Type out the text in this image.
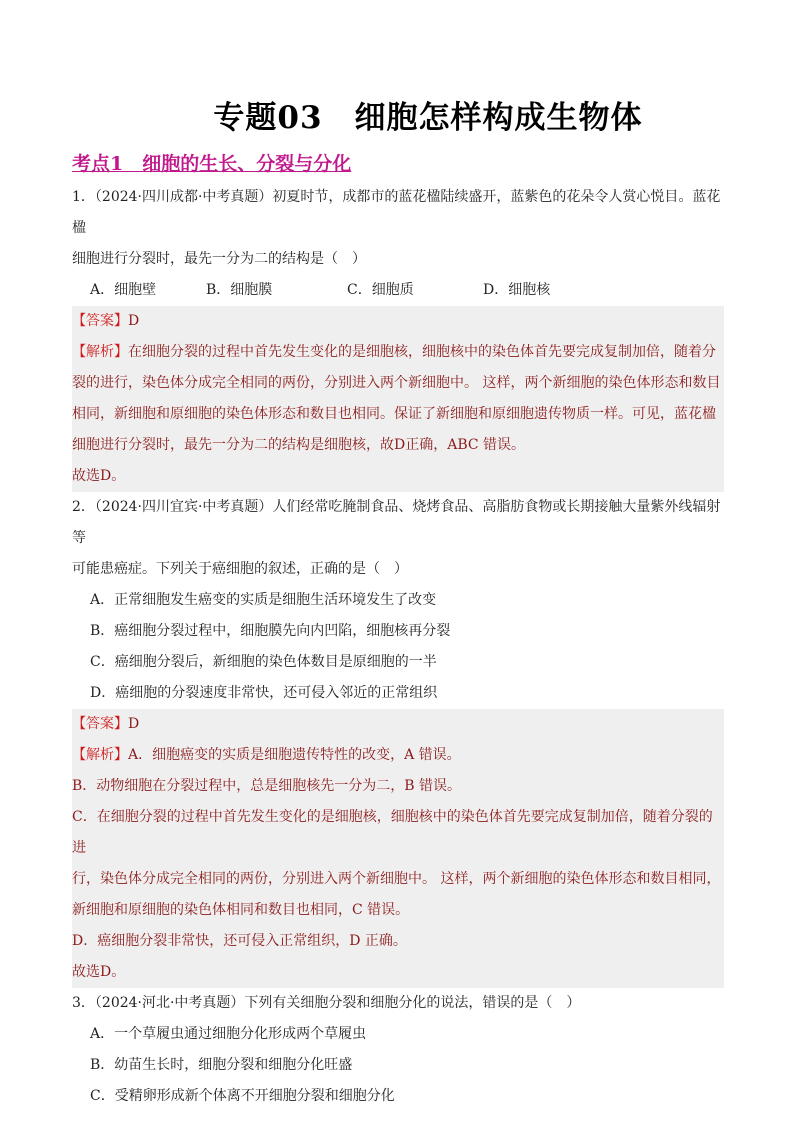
专题03　细胞怎样构成生物体
考点1　细胞的生长、分裂与分化

1．（2024·四川成都·中考真题）初夏时节，成都市的蓝花楹陆续盛开，蓝紫色的花朵令人赏心悦目。蓝花楹

细胞进行分裂时，最先一分为二的结构是（　）

A．细胞壁	B．细胞膜	C．细胞质	D．细胞核

【答案】D

【解析】在细胞分裂的过程中首先发生变化的是细胞核，细胞核中的染色体首先要完成复制加倍，随着分

裂的进行，染色体分成完全相同的两份，分别进入两个新细胞中。 这样，两个新细胞的染色体形态和数目

相同，新细胞和原细胞的染色体形态和数目也相同。保证了新细胞和原细胞遗传物质一样。可见，蓝花楹

细胞进行分裂时，最先一分为二的结构是细胞核，故D正确，ABC 错误。

故选D。

2．（2024·四川宜宾·中考真题）人们经常吃腌制食品、烧烤食品、高脂肪食物或长期接触大量紫外线辐射等

可能患癌症。下列关于癌细胞的叙述，正确的是（　）

A．正常细胞发生癌变的实质是细胞生活环境发生了改变
B．癌细胞分裂过程中，细胞膜先向内凹陷，细胞核再分裂
C．癌细胞分裂后，新细胞的染色体数目是原细胞的一半
D．癌细胞的分裂速度非常快，还可侵入邻近的正常组织

【答案】D

【解析】A．细胞癌变的实质是细胞遗传特性的改变，A 错误。

B．动物细胞在分裂过程中，总是细胞核先一分为二，B 错误。

C．在细胞分裂的过程中首先发生变化的是细胞核，细胞核中的染色体首先要完成复制加倍，随着分裂的进

行，染色体分成完全相同的两份，分别进入两个新细胞中。 这样，两个新细胞的染色体形态和数目相同，

新细胞和原细胞的染色体相同和数目也相同，C 错误。

D．癌细胞分裂非常快，还可侵入正常组织，D 正确。

故选D。

3．（2024·河北·中考真题）下列有关细胞分裂和细胞分化的说法，错误的是（　）

A．一个草履虫通过细胞分化形成两个草履虫
B．幼苗生长时，细胞分裂和细胞分化旺盛
C．受精卵形成新个体离不开细胞分裂和细胞分化
